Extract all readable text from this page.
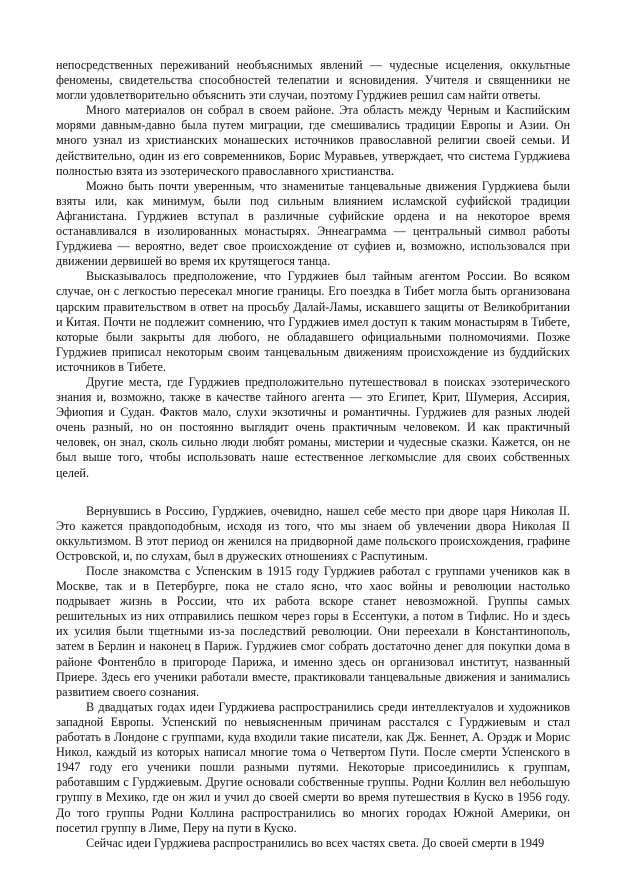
непосредственных переживаний необъяснимых явлений — чудесные исцеления, оккультные феномены, свидетельства способностей телепатии и ясновидения. Учителя и священники не могли удовлетворительно объяснить эти случаи, поэтому Гурджиев решил сам найти ответы.

Много материалов он собрал в своем районе. Эта область между Черным и Каспийским морями давным-давно была путем миграции, где смешивались традиции Европы и Азии. Он много узнал из христианских монашеских источников православной религии своей семьи. И действительно, один из его современников, Борис Муравьев, утверждает, что система Гурджиева полностью взята из эзотерического православного христианства.

Можно быть почти уверенным, что знаменитые танцевальные движения Гурджиева были взяты или, как минимум, были под сильным влиянием исламской суфийской традиции Афганистана. Гурджиев вступал в различные суфийские ордена и на некоторое время останавливался в изолированных монастырях. Эннеаграмма — центральный символ работы Гурджиева — вероятно, ведет свое происхождение от суфиев и, возможно, использовался при движении дервишей во время их крутящегося танца.

Высказывалось предположение, что Гурджиев был тайным агентом России. Во всяком случае, он с легкостью пересекал многие границы. Его поездка в Тибет могла быть организована царским правительством в ответ на просьбу Далай-Ламы, искавшего защиты от Великобритании и Китая. Почти не подлежит сомнению, что Гурджиев имел доступ к таким монастырям в Тибете, которые были закрыты для любого, не обладавшего официальными полномочиями. Позже Гурджиев приписал некоторым своим танцевальным движениям происхождение из буддийских источников в Тибете.

Другие места, где Гурджиев предположительно путешествовал в поисках эзотерического знания и, возможно, также в качестве тайного агента — это Египет, Крит, Шумерия, Ассирия, Эфиопия и Судан. Фактов мало, слухи экзотичны и романтичны. Гурджиев для разных людей очень разный, но он постоянно выглядит очень практичным человеком. И как практичный человек, он знал, сколь сильно люди любят романы, мистерии и чудесные сказки. Кажется, он не был выше того, чтобы использовать наше естественное легкомыслие для своих собственных целей.

Вернувшись в Россию, Гурджиев, очевидно, нашел себе место при дворе царя Николая II. Это кажется правдоподобным, исходя из того, что мы знаем об увлечении двора Николая II оккультизмом. В этот период он женился на придворной даме польского происхождения, графине Островской, и, по слухам, был в дружеских отношениях с Распутиным.

После знакомства с Успенским в 1915 году Гурджиев работал с группами учеников как в Москве, так и в Петербурге, пока не стало ясно, что хаос войны и революции настолько подрывает жизнь в России, что их работа вскоре станет невозможной. Группы самых решительных из них отправились пешком через горы в Ессентуки, а потом в Тифлис. Но и здесь их усилия были тщетными из-за последствий революции. Они переехали в Константинополь, затем в Берлин и наконец в Париж. Гурджиев смог собрать достаточно денег для покупки дома в районе Фонтенбло в пригороде Парижа, и именно здесь он организовал институт, названный Приере. Здесь его ученики работали вместе, практиковали танцевальные движения и занимались развитием своего сознания.

В двадцатых годах идеи Гурджиева распространились среди интеллектуалов и художников западной Европы. Успенский по невыясненным причинам расстался с Гурджиевым и стал работать в Лондоне с группами, куда входили такие писатели, как Дж. Беннет, А. Орэдж и Морис Никол, каждый из которых написал многие тома о Четвертом Пути. После смерти Успенского в 1947 году его ученики пошли разными путями. Некоторые присоединились к группам, работавшим с Гурджиевым. Другие основали собственные группы. Родни Коллин вел небольшую группу в Мехико, где он жил и учил до своей смерти во время путешествия в Куско в 1956 году. До того группы Родни Коллина распространились во многих городах Южной Америки, он посетил группу в Лиме, Перу на пути в Куско.

Сейчас идеи Гурджиева распространились во всех частях света. До своей смерти в 1949
